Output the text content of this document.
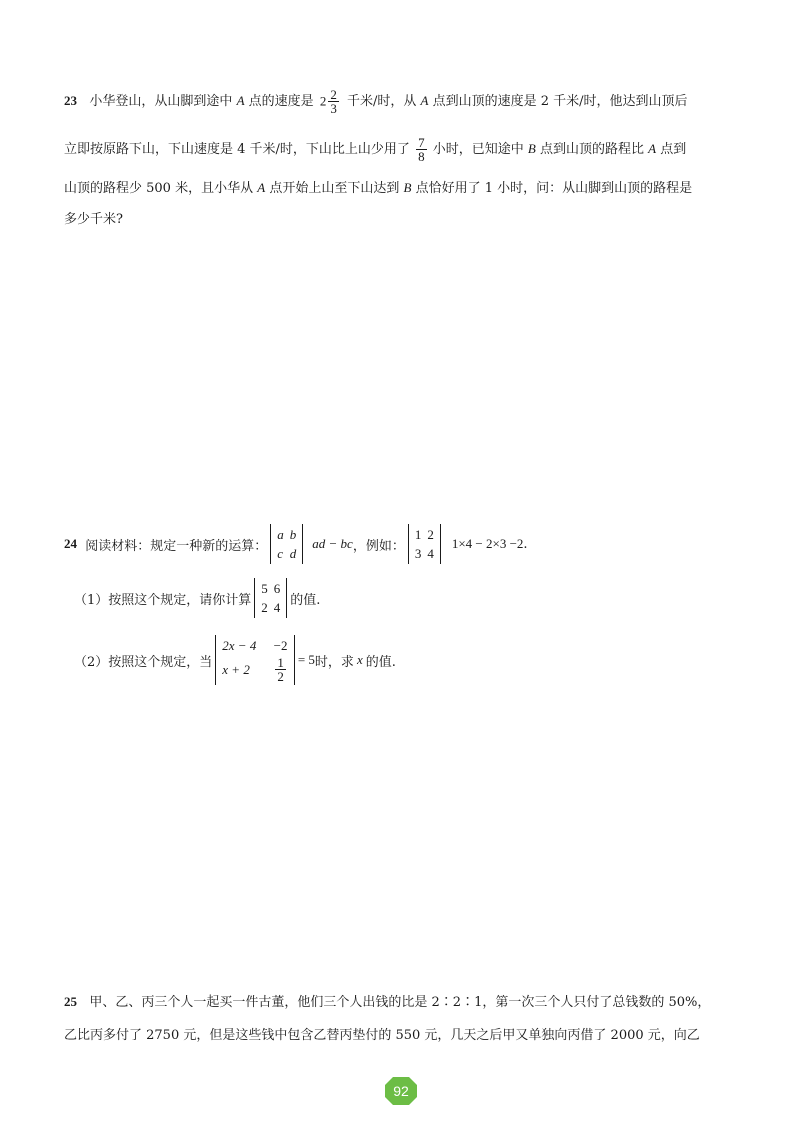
23 小华登山，从山脚到途中 A 点的速度是 $2 \frac{2}{3}$ 千米/时，从 A 点到山顶的速度是 2 千米/时，他达到山顶后
立即按原路下山，下山速度是 4 千米/时，下山比上山少用了 $\frac{7}{8}$ 小时，已知途中 B 点到山顶的路程比 A 点到
山顶的路程少 500 米，且小华从 A 点开始上山至下山达到 B 点恰好用了 1 小时，问：从山脚到山顶的路程是
多少千米?
24
阅读材料：规定一种新的运算：
a	b
c	d
ad − bc ，例如：
1	2
3	4
1×4 − 2×3 −2 .
（1）按照这个规定，请你计算
5	6
2	4 的值.
（2）按照这个规定，当
2x − 4	−2
x + 2	$\frac{1}{2} = 5$ 时，求 x 的值.
25 甲、乙、丙三个人一起买一件古董，他们三个人出钱的比是 2∶2∶1，第一次三个人只付了总钱数的 50%，
乙比丙多付了 2750 元，但是这些钱中包含乙替丙垫付的 550 元，几天之后甲又单独向丙借了 2000 元，向乙
92
